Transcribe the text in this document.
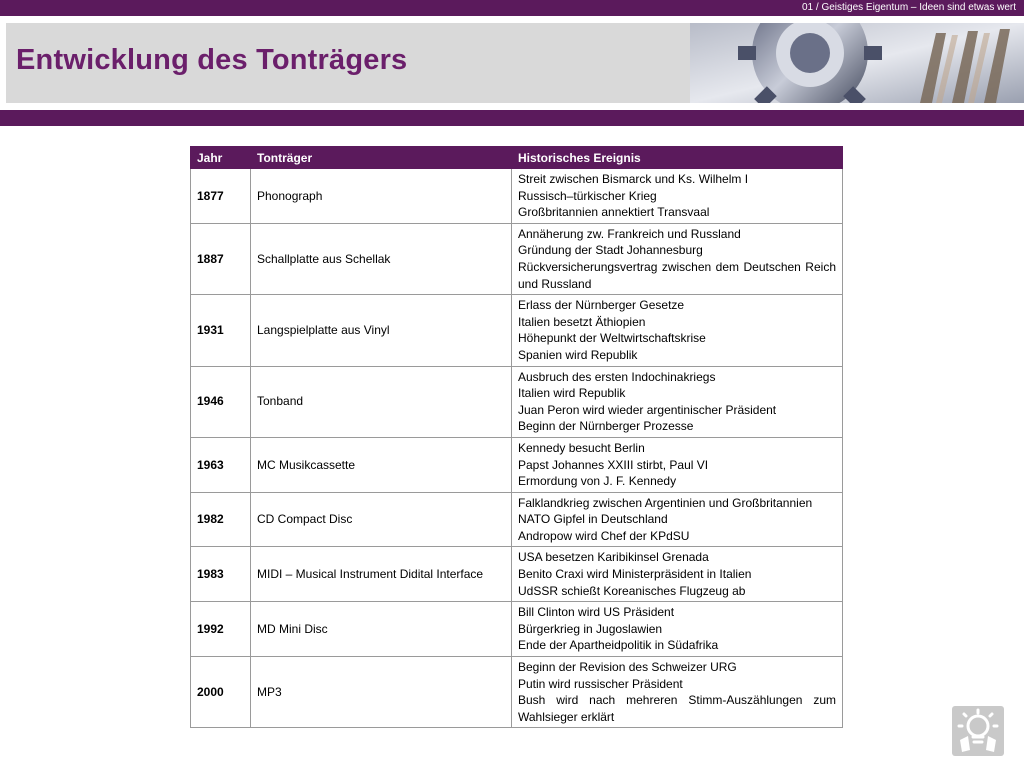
01 / Geistiges Eigentum – Ideen sind etwas wert
Entwicklung des Tonträgers
Jahr	Tonträger	Historisches Ereignis
1877	Phonograph	Streit zwischen Bismarck und Ks. Wilhelm I
Russisch–türkischer Krieg
Großbritannien annektiert Transvaal

1887	Schallplatte aus Schellak	Annäherung zw. Frankreich und Russland
Gründung der Stadt Johannesburg
Rückversicherungsvertrag zwischen dem Deutschen Reich und Russland

1931	Langspielplatte aus Vinyl	Erlass der Nürnberger Gesetze
Italien besetzt Äthiopien
Höhepunkt der Weltwirtschaftskrise
Spanien wird Republik

1946	Tonband	Ausbruch des ersten Indochinakriegs
Italien wird Republik
Juan Peron wird wieder argentinischer Präsident
Beginn der Nürnberger Prozesse

1963	MC Musikcassette	Kennedy besucht Berlin
Papst Johannes XXIII stirbt, Paul VI
Ermordung von J. F. Kennedy

1982	CD Compact Disc	Falklandkrieg zwischen Argentinien und Großbritannien
NATO Gipfel in Deutschland
Andropow wird Chef der KPdSU

1983	MIDI – Musical Instrument Didital Interface	USA besetzen Karibikinsel Grenada
Benito Craxi wird Ministerpräsident in Italien
UdSSR schießt Koreanisches Flugzeug ab

1992	MD Mini Disc	Bill Clinton wird US Präsident
Bürgerkrieg in Jugoslawien
Ende der Apartheidpolitik in Südafrika

2000	MP3	Beginn der Revision des Schweizer URG
Putin wird russischer Präsident
Bush wird nach mehreren Stimm-Auszählungen zum Wahlsieger erklärt
